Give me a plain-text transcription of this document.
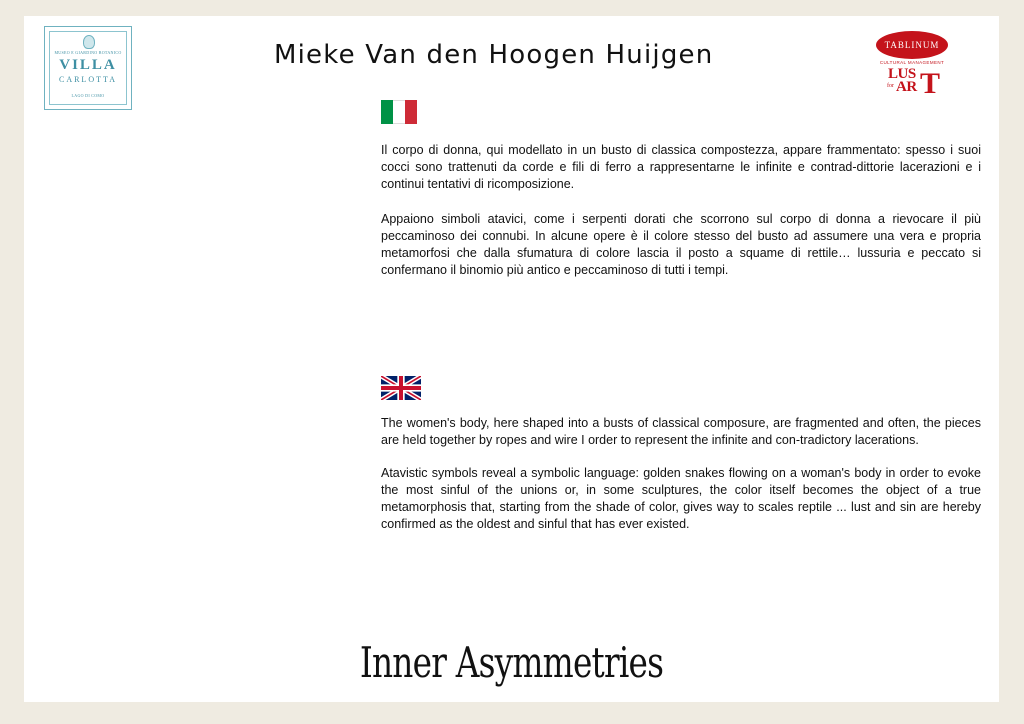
MUSEO E GIARDINO BOTANICO
VILLA
CARLOTTA
LAGO DI COMO
Mieke Van den Hoogen Huijgen	TABLINUM
CULTURAL MANAGEMENT
LUS
for AR T

Il corpo di donna, qui modellato in un busto di classica compostezza, appare frammentato: spesso i suoi cocci sono trattenuti da corde e fili di ferro a rappresentarne le infinite e contrad-dittorie lacerazioni e i continui tentativi di ricomposizione.

Appaiono simboli atavici, come i serpenti dorati che scorrono sul corpo di donna a rievocare il più peccaminoso dei connubi. In alcune opere è il colore stesso del busto ad assumere una vera e propria metamorfosi che dalla sfumatura di colore lascia il posto a squame di rettile… lussuria e peccato si confermano il binomio più antico e peccaminoso di tutti i tempi.

The women's body, here shaped into a busts of classical composure, are fragmented and often, the pieces are held together by ropes and wire I order to represent the infinite and con-tradictory lacerations.

Atavistic symbols reveal a symbolic language: golden snakes flowing on a woman's body in order to evoke the most sinful of the unions or, in some sculptures, the color itself becomes the object of a true metamorphosis that, starting from the shade of color, gives way to scales reptile ... lust and sin are hereby confirmed as the oldest and sinful that has ever existed.

Inner Asymmetries
